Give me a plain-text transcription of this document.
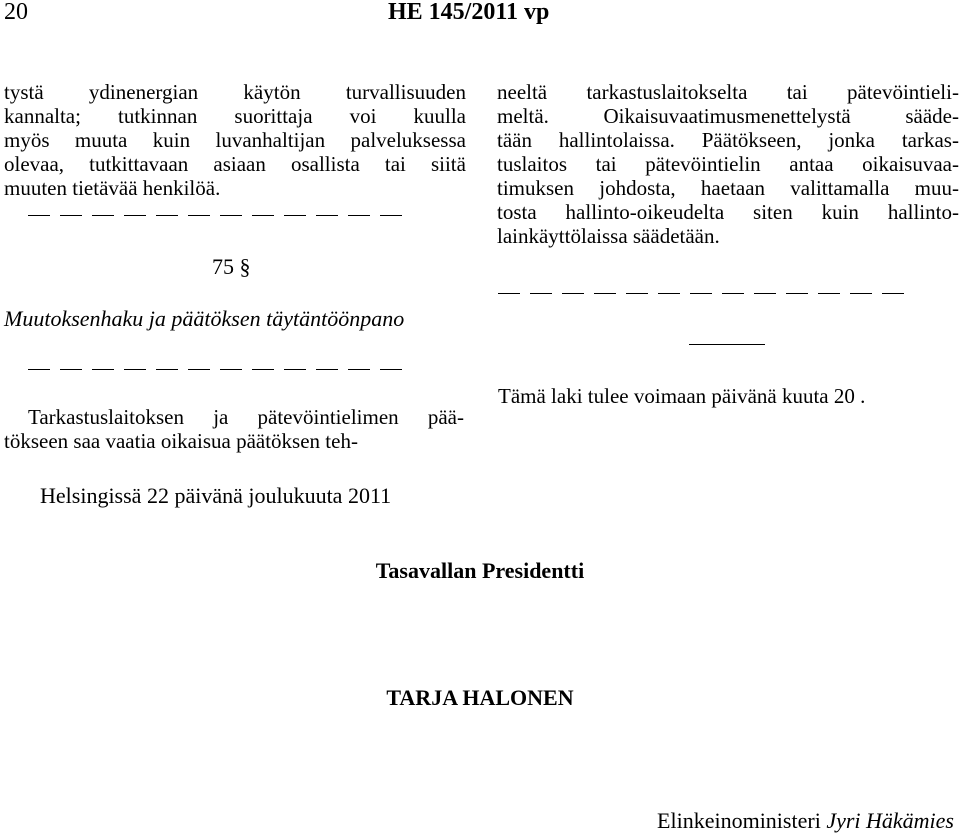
20	HE 145/2011 vp
tystä ydinenergian käytön turvallisuuden
kannalta; tutkinnan suorittaja voi kuulla
myös muuta kuin luvanhaltijan palveluksessa
olevaa, tutkittavaan asiaan osallista tai siitä
muuten tietävää henkilöä.
75 §
Muutoksenhaku ja päätöksen täytäntöönpano
Tarkastuslaitoksen ja pätevöintielimen pää-
tökseen saa vaatia oikaisua päätöksen teh-
neeltä tarkastuslaitokselta tai pätevöintieli-
meltä.	Oikaisuvaatimusmenettelystä	sääde-
tään hallintolaissa. Päätökseen, jonka tarkas-
tuslaitos tai pätevöintielin antaa oikaisuvaa-
timuksen johdosta, haetaan valittamalla muu-
tosta hallinto-oikeudelta siten kuin hallinto-
lainkäyttölaissa säädetään.
Tämä laki tulee voimaan päivänä kuuta 20 .
Helsingissä 22 päivänä joulukuuta 2011
Tasavallan Presidentti
TARJA HALONEN
Elinkeinoministeri Jyri Häkämies
